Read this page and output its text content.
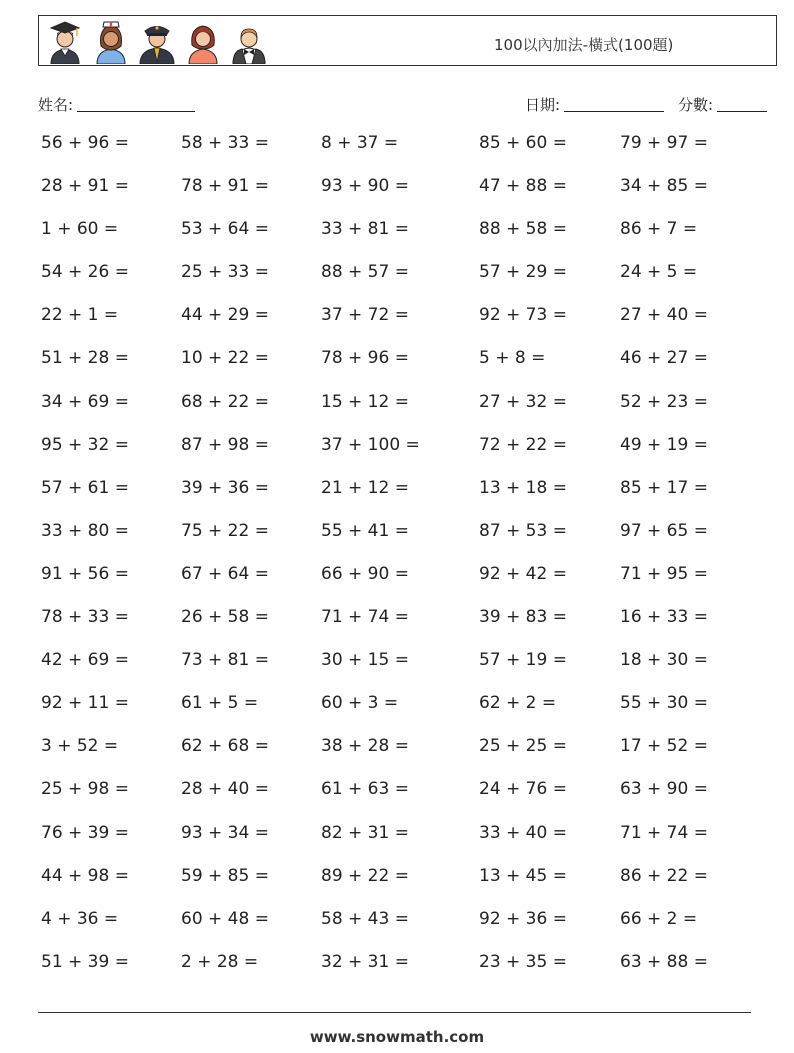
100以內加法-橫式(100題)
姓名:	日期:	分數:
56 + 96 =	58 + 33 =	8 + 37 =	85 + 60 =	79 + 97 =
28 + 91 =	78 + 91 =	93 + 90 =	47 + 88 =	34 + 85 =
1 + 60 =	53 + 64 =	33 + 81 =	88 + 58 =	86 + 7 =
54 + 26 =	25 + 33 =	88 + 57 =	57 + 29 =	24 + 5 =
22 + 1 =	44 + 29 =	37 + 72 =	92 + 73 =	27 + 40 =
51 + 28 =	10 + 22 =	78 + 96 =	5 + 8 =	46 + 27 =
34 + 69 =	68 + 22 =	15 + 12 =	27 + 32 =	52 + 23 =
95 + 32 =	87 + 98 =	37 + 100 =	72 + 22 =	49 + 19 =
57 + 61 =	39 + 36 =	21 + 12 =	13 + 18 =	85 + 17 =
33 + 80 =	75 + 22 =	55 + 41 =	87 + 53 =	97 + 65 =
91 + 56 =	67 + 64 =	66 + 90 =	92 + 42 =	71 + 95 =
78 + 33 =	26 + 58 =	71 + 74 =	39 + 83 =	16 + 33 =
42 + 69 =	73 + 81 =	30 + 15 =	57 + 19 =	18 + 30 =
92 + 11 =	61 + 5 =	60 + 3 =	62 + 2 =	55 + 30 =
3 + 52 =	62 + 68 =	38 + 28 =	25 + 25 =	17 + 52 =
25 + 98 =	28 + 40 =	61 + 63 =	24 + 76 =	63 + 90 =
76 + 39 =	93 + 34 =	82 + 31 =	33 + 40 =	71 + 74 =
44 + 98 =	59 + 85 =	89 + 22 =	13 + 45 =	86 + 22 =
4 + 36 =	60 + 48 =	58 + 43 =	92 + 36 =	66 + 2 =
51 + 39 =	2 + 28 =	32 + 31 =	23 + 35 =	63 + 88 =
www.snowmath.com
